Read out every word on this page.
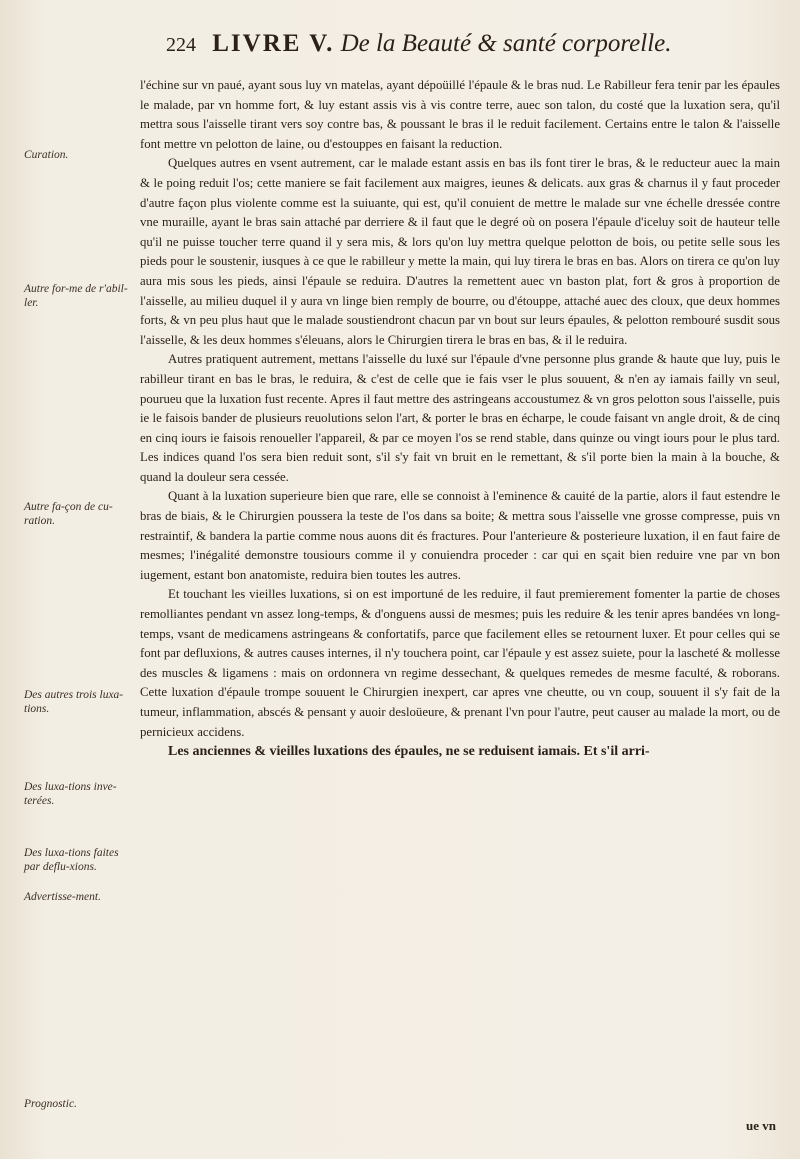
224 LIVRE V. De la Beauté & santé corporelle.
Curation.
Autre for-me de r'abil-ler.
Autre fa-çon de cu-ration.
Des autres trois luxa-tions.
Des luxa-tions inve-terées.
Des luxa-tions faites par deflu-xions.
Advertisse-ment.
Prognostic.

l'échine sur vn paué, ayant sous luy vn matelas, ayant dépoüillé l'épaule & le bras nud. Le Rabilleur fera tenir par les épaules le malade, par vn homme fort, & luy estant assis vis à vis contre terre, auec son talon, du costé que la luxation sera, qu'il mettra sous l'aisselle tirant vers soy contre bas, & poussant le bras il le reduit facilement. Certains entre le talon & l'aisselle font mettre vn pelotton de laine, ou d'estouppes en faisant la reduction.

Quelques autres en vsent autrement, car le malade estant assis en bas ils font tirer le bras, & le reducteur auec la main & le poing reduit l'os; cette maniere se fait facilement aux maigres, ieunes & delicats. aux gras & charnus il y faut proceder d'autre façon plus violente comme est la suiuante, qui est, qu'il conuient de mettre le malade sur vne échelle dressée contre vne muraille, ayant le bras sain attaché par derriere & il faut que le degré où on posera l'épaule d'iceluy soit de hauteur telle qu'il ne puisse toucher terre quand il y sera mis, & lors qu'on luy mettra quelque pelotton de bois, ou petite selle sous les pieds pour le soustenir, iusques à ce que le rabilleur y mette la main, qui luy tirera le bras en bas. Alors on tirera ce qu'on luy aura mis sous les pieds, ainsi l'épaule se reduira. D'autres la remettent auec vn baston plat, fort & gros à proportion de l'aisselle, au milieu duquel il y aura vn linge bien remply de bourre, ou d'étouppe, attaché auec des cloux, que deux hommes forts, & vn peu plus haut que le malade soustiendront chacun par vn bout sur leurs épaules, & pelotton rembouré susdit sous l'aisselle, & les deux hommes s'éleuans, alors le Chirurgien tirera le bras en bas, & il le reduira.

Autres pratiquent autrement, mettans l'aisselle du luxé sur l'épaule d'vne personne plus grande & haute que luy, puis le rabilleur tirant en bas le bras, le reduira, & c'est de celle que ie fais vser le plus souuent, & n'en ay iamais failly vn seul, pourueu que la luxation fust recente. Apres il faut mettre des astringeans accoustumez & vn gros pelotton sous l'aisselle, puis ie le faisois bander de plusieurs reuolutions selon l'art, & porter le bras en écharpe, le coude faisant vn angle droit, & de cinq en cinq iours ie faisois renoueller l'appareil, & par ce moyen l'os se rend stable, dans quinze ou vingt iours pour le plus tard. Les indices quand l'os sera bien reduit sont, s'il s'y fait vn bruit en le remettant, & s'il porte bien la main à la bouche, & quand la douleur sera cessée.

Quant à la luxation superieure bien que rare, elle se connoist à l'eminence & cauité de la partie, alors il faut estendre le bras de biais, & le Chirurgien poussera la teste de l'os dans sa boite; & mettra sous l'aisselle vne grosse compresse, puis vn restraintif, & bandera la partie comme nous auons dit és fractures. Pour l'anterieure & posterieure luxation, il en faut faire de mesmes; l'inégalité demonstre tousiours comme il y conuiendra proceder : car qui en sçait bien reduire vne par vn bon iugement, estant bon anatomiste, reduira bien toutes les autres.

Et touchant les vieilles luxations, si on est importuné de les reduire, il faut premierement fomenter la partie de choses remolliantes pendant vn assez long-temps, & d'onguens aussi de mesmes; puis les reduire & les tenir apres bandées vn long-temps, vsant de medicamens astringeans & confortatifs, parce que facilement elles se retournent luxer. Et pour celles qui se font par defluxions, & autres causes internes, il n'y touchera point, car l'épaule y est assez suiete, pour la lascheté & mollesse des muscles & ligamens : mais on ordonnera vn regime dessechant, & quelques remedes de mesme faculté, & roborans. Cette luxation d'épaule trompe souuent le Chirurgien inexpert, car apres vne cheutte, ou vn coup, souuent il s'y fait de la tumeur, inflammation, abscés & pensant y auoir desloüeure, & prenant l'vn pour l'autre, peut causer au malade la mort, ou de pernicieux accidens.

Les anciennes & vieilles luxations des épaules, ne se reduisent iamais. Et s'il arri-

ue vn
